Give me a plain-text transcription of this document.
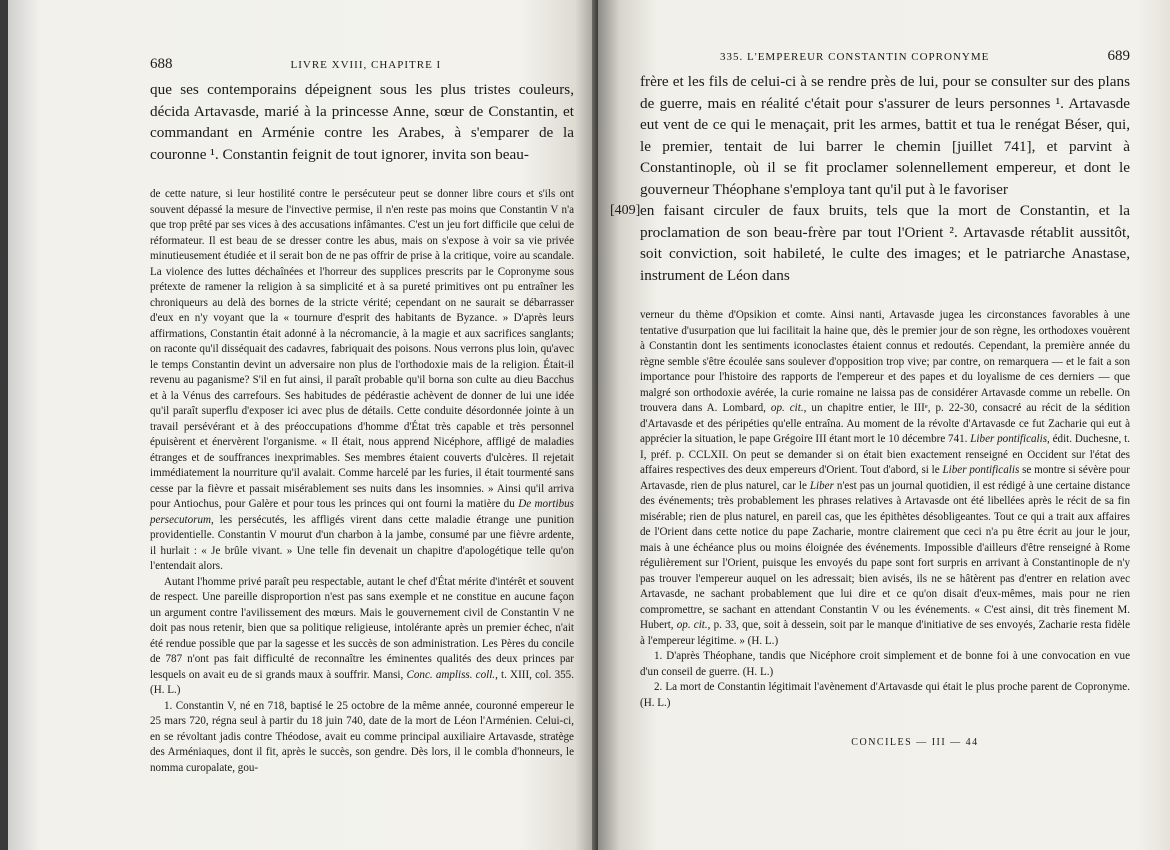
688	LIVRE XVIII, CHAPITRE I

que ses contemporains dépeignent sous les plus tristes couleurs, décida Artavasde, marié à la princesse Anne, sœur de Constantin, et commandant en Arménie contre les Arabes, à s'emparer de la couronne ¹. Constantin feignit de tout ignorer, invita son beau-

de cette nature, si leur hostilité contre le persécuteur peut se donner libre cours et s'ils ont souvent dépassé la mesure de l'invective permise, il n'en reste pas moins que Constantin V n'a que trop prêté par ses vices à des accusations infâmantes. C'est un jeu fort difficile que celui de réformateur. Il est beau de se dresser contre les abus, mais on s'expose à voir sa vie privée minutieusement étudiée et il serait bon de ne pas offrir de prise à la critique, voire au scandale. La violence des luttes déchaînées et l'horreur des supplices prescrits par le Copronyme sous prétexte de ramener la religion à sa simplicité et à sa pureté primitives ont pu entraîner les chroniqueurs au delà des bornes de la stricte vérité; cependant on ne saurait se débarrasser d'eux en n'y voyant que la « tournure d'esprit des habitants de Byzance. » D'après leurs affirmations, Constantin était adonné à la nécromancie, à la magie et aux sacrifices sanglants; on raconte qu'il disséquait des cadavres, fabriquait des poisons. Nous verrons plus loin, qu'avec le temps Constantin devint un adversaire non plus de l'orthodoxie mais de la religion. Était-il revenu au paganisme? S'il en fut ainsi, il paraît probable qu'il borna son culte au dieu Bacchus et à la Vénus des carrefours. Ses habitudes de pédérastie achèvent de donner de lui une idée qu'il paraît superflu d'exposer ici avec plus de détails. Cette conduite désordonnée jointe à un travail persévérant et à des préoccupations d'homme d'État très capable et très personnel épuisèrent et énervèrent l'organisme. « Il était, nous apprend Nicéphore, affligé de maladies étranges et de souffrances inexprimables. Ses membres étaient couverts d'ulcères. Il rejetait immédiatement la nourriture qu'il avalait. Comme harcelé par les furies, il était tourmenté sans cesse par la fièvre et passait misérablement ses nuits dans les insomnies. » Ainsi qu'il arriva pour Antiochus, pour Galère et pour tous les princes qui ont fourni la matière du De mortibus persecutorum, les persécutés, les affligés virent dans cette maladie étrange une punition providentielle. Constantin V mourut d'un charbon à la jambe, consumé par une fièvre ardente, il hurlait : « Je brûle vivant. » Une telle fin devenait un chapitre d'apologétique telle qu'on l'entendait alors.

Autant l'homme privé paraît peu respectable, autant le chef d'État mérite d'intérêt et souvent de respect. Une pareille disproportion n'est pas sans exemple et ne constitue en aucune façon un argument contre l'avilissement des mœurs. Mais le gouvernement civil de Constantin V ne doit pas nous retenir, bien que sa politique religieuse, intolérante après un premier échec, n'ait été rendue possible que par la sagesse et les succès de son administration. Les Pères du concile de 787 n'ont pas fait difficulté de reconnaître les éminentes qualités des deux princes par lesquels on avait eu de si grands maux à souffrir. Mansi, Conc. ampliss. coll., t. XIII, col. 355. (H. L.)

1. Constantin V, né en 718, baptisé le 25 octobre de la même année, couronné empereur le 25 mars 720, régna seul à partir du 18 juin 740, date de la mort de Léon l'Arménien. Celui-ci, en se révoltant jadis contre Théodose, avait eu comme principal auxiliaire Artavasde, stratège des Arméniaques, dont il fit, après le succès, son gendre. Dès lors, il le combla d'honneurs, le nomma curopalate, gou-

335. L'EMPEREUR CONSTANTIN COPRONYME	689

frère et les fils de celui-ci à se rendre près de lui, pour se consulter sur des plans de guerre, mais en réalité c'était pour s'assurer de leurs personnes ¹. Artavasde eut vent de ce qui le menaçait, prit les armes, battit et tua le renégat Béser, qui, le premier, tentait de lui barrer le chemin [juillet 741], et parvint à Constantinople, où il se fit proclamer solennellement empereur, et dont le gouverneur Théophane s'employa tant qu'il put à le favoriser

[409] en faisant circuler de faux bruits, tels que la mort de Constantin, et la proclamation de son beau-frère par tout l'Orient ². Artavasde rétablit aussitôt, soit conviction, soit habileté, le culte des images; et le patriarche Anastase, instrument de Léon dans

verneur du thème d'Opsikion et comte. Ainsi nanti, Artavasde jugea les circonstances favorables à une tentative d'usurpation que lui facilitait la haine que, dès le premier jour de son règne, les orthodoxes vouèrent à Constantin dont les sentiments iconoclastes étaient connus et redoutés. Cependant, la première année du règne semble s'être écoulée sans soulever d'opposition trop vive; par contre, on remarquera — et le fait a son importance pour l'histoire des rapports de l'empereur et des papes et du loyalisme de ces derniers — que malgré son orthodoxie avérée, la curie romaine ne laissa pas de considérer Artavasde comme un rebelle. On trouvera dans A. Lombard, op. cit., un chapitre entier, le IIIᵉ, p. 22-30, consacré au récit de la sédition d'Artavasde et des péripéties qu'elle entraîna. Au moment de la révolte d'Artavasde ce fut Zacharie qui eut à apprécier la situation, le pape Grégoire III étant mort le 10 décembre 741. Liber pontificalis, édit. Duchesne, t. I, préf. p. CCLXII. On peut se demander si on était bien exactement renseigné en Occident sur l'état des affaires respectives des deux empereurs d'Orient. Tout d'abord, si le Liber pontificalis se montre si sévère pour Artavasde, rien de plus naturel, car le Liber n'est pas un journal quotidien, il est rédigé à une certaine distance des événements; très probablement les phrases relatives à Artavasde ont été libellées après le récit de sa fin misérable; rien de plus naturel, en pareil cas, que les épithètes désobligeantes. Tout ce qui a trait aux affaires de l'Orient dans cette notice du pape Zacharie, montre clairement que ceci n'a pu être écrit au jour le jour, mais à une échéance plus ou moins éloignée des événements. Impossible d'ailleurs d'être renseigné à Rome régulièrement sur l'Orient, puisque les envoyés du pape sont fort surpris en arrivant à Constantinople de n'y pas trouver l'empereur auquel on les adressait; bien avisés, ils ne se hâtèrent pas d'entrer en relation avec Artavasde, ne sachant probablement que lui dire et ce qu'on disait d'eux-mêmes, mais pour ne rien compromettre, se sachant en attendant Constantin V ou les événements. « C'est ainsi, dit très finement M. Hubert, op. cit., p. 33, que, soit à dessein, soit par le manque d'initiative de ses envoyés, Zacharie resta fidèle à l'empereur légitime. » (H. L.)

1. D'après Théophane, tandis que Nicéphore croit simplement et de bonne foi à une convocation en vue d'un conseil de guerre. (H. L.)

2. La mort de Constantin légitimait l'avènement d'Artavasde qui était le plus proche parent de Copronyme. (H. L.)

CONCILES — III — 44
